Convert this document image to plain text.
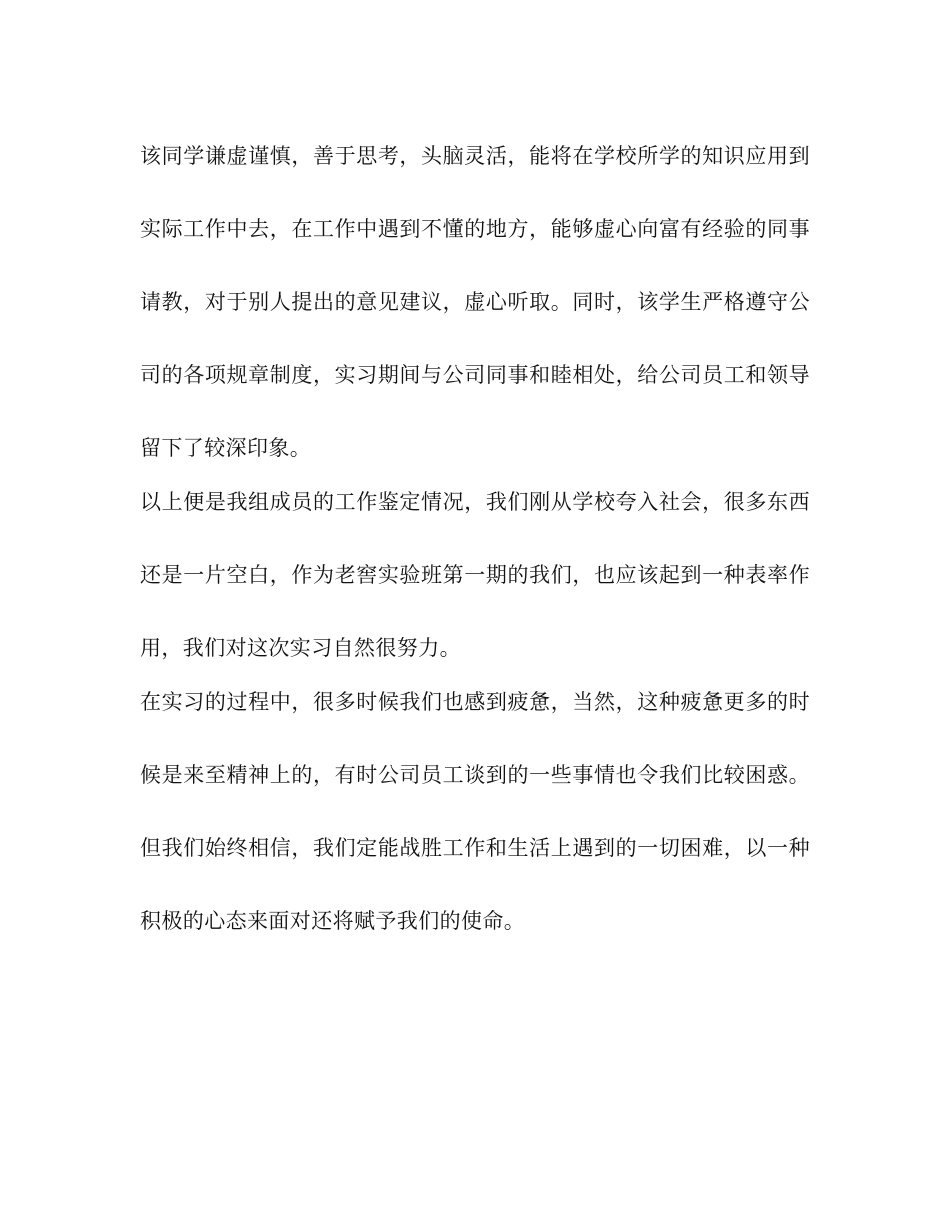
该同学谦虚谨慎，善于思考，头脑灵活，能将在学校所学的知识应用到实际工作中去，在工作中遇到不懂的地方，能够虚心向富有经验的同事请教，对于别人提出的意见建议，虚心听取。同时，该学生严格遵守公司的各项规章制度，实习期间与公司同事和睦相处，给公司员工和领导留下了较深印象。

以上便是我组成员的工作鉴定情况，我们刚从学校夸入社会，很多东西还是一片空白，作为老窖实验班第一期的我们，也应该起到一种表率作用，我们对这次实习自然很努力。

在实习的过程中，很多时候我们也感到疲惫，当然，这种疲惫更多的时候是来至精神上的，有时公司员工谈到的一些事情也令我们比较困惑。但我们始终相信，我们定能战胜工作和生活上遇到的一切困难，以一种积极的心态来面对还将赋予我们的使命。
